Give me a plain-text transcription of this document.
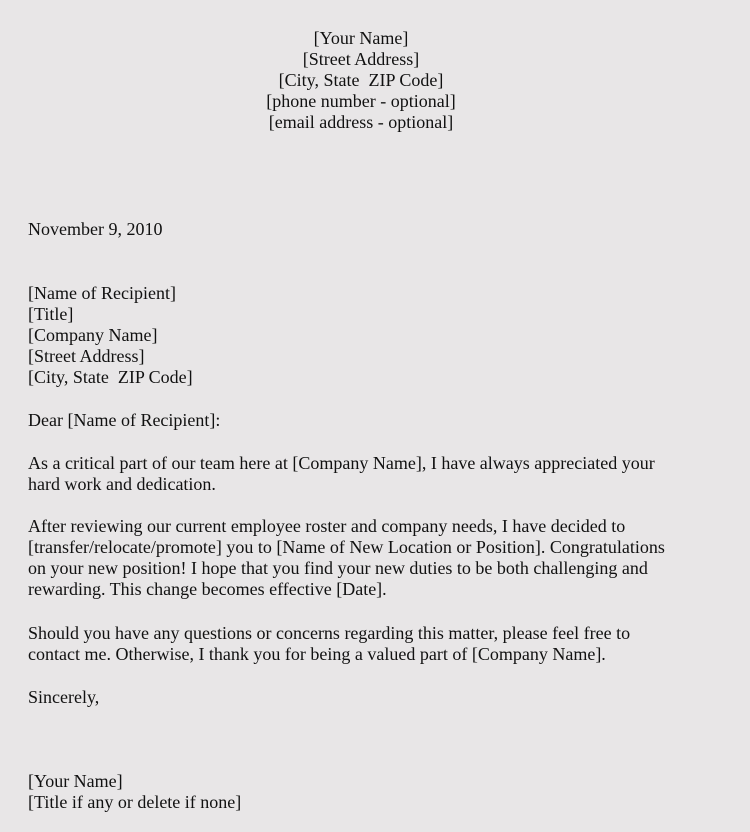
[Your Name]
[Street Address]
[City, State  ZIP Code]
[phone number - optional]
[email address - optional]
November 9, 2010
[Name of Recipient]
[Title]
[Company Name]
[Street Address]
[City, State  ZIP Code]
Dear [Name of Recipient]:
As a critical part of our team here at [Company Name], I have always appreciated your
hard work and dedication.
After reviewing our current employee roster and company needs, I have decided to
[transfer/relocate/promote] you to [Name of New Location or Position]. Congratulations
on your new position! I hope that you find your new duties to be both challenging and
rewarding. This change becomes effective [Date].
Should you have any questions or concerns regarding this matter, please feel free to
contact me. Otherwise, I thank you for being a valued part of [Company Name].
Sincerely,
[Your Name]
[Title if any or delete if none]
